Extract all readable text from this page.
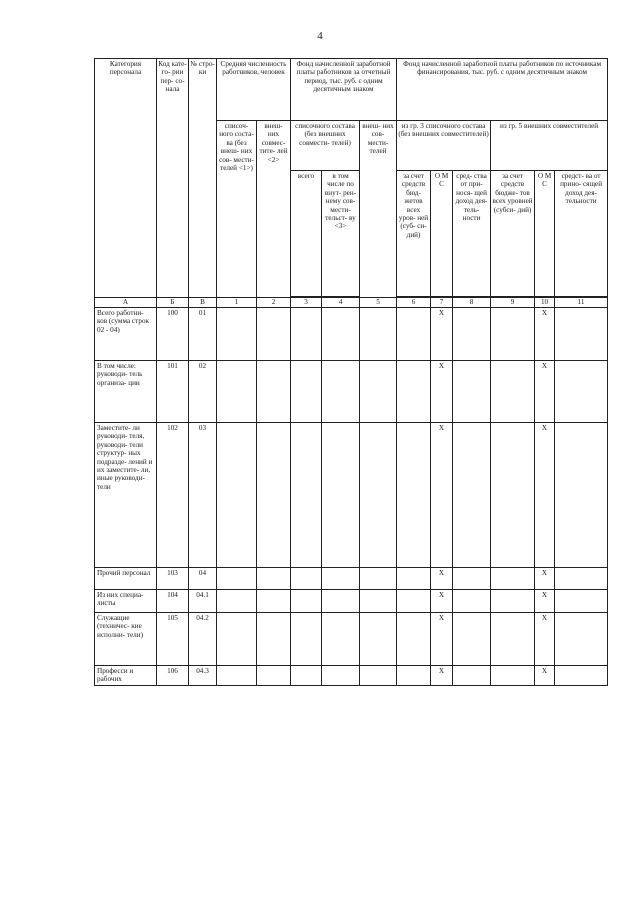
4
Категория персонала	Код кате- го- рии пер- со- нала	№ стро- ки	Средняя численность работников, человек		Фонд начисленной заработной платы работников за отчетный период, тыс. руб. с одним десятичным знаком			Фонд начисленной заработной платы работников по источникам финансирования, тыс. руб. с одним десятичным знаком					
			списоч- ного соста- ва (без внеш- них сов- мести- телей <1>)	внеш- них совмес- тите- лей <2>	списочного состава (без внешних совмести- телей)		внеш- них сов- мести- телей	из гр. 3 списочного состава (без внешних совместителей)			из гр. 5 внешних совместителей		
					всего	в том числе по внут- рен- нему сов- мести- тельст- ву <3>		за счет средств бюд- жетов всех уров- ней (суб- си- дий)	О М С	сред- ства от при- нося- щей доход дея- тель- ности	за счет средств бюдже- тов всех уровней (субси- дий)	О М С	средст- ва от прино- сящей доход дея- тельности

А	Б	В	1	2	3	4	5	6	7	8	9	10	11
Всего работни- ков (сумма строк 02 - 04)	100	01							Х			Х	
В том числе: руководи- тель организа- ции	101	02							Х			Х	
Заместите- ли руководи- теля, руководи- тели структур- ных подразде- лений и их заместите- ли, иные руководи- тели	102	03							Х			Х	
Прочий персонал	103	04							Х			Х	
Из них специа- листы	104	04.1							Х			Х	
Служащие (техничес- кие исполни- тели)	105	04.2							Х			Х	
Професси и рабочих	106	04.3							Х			Х	
